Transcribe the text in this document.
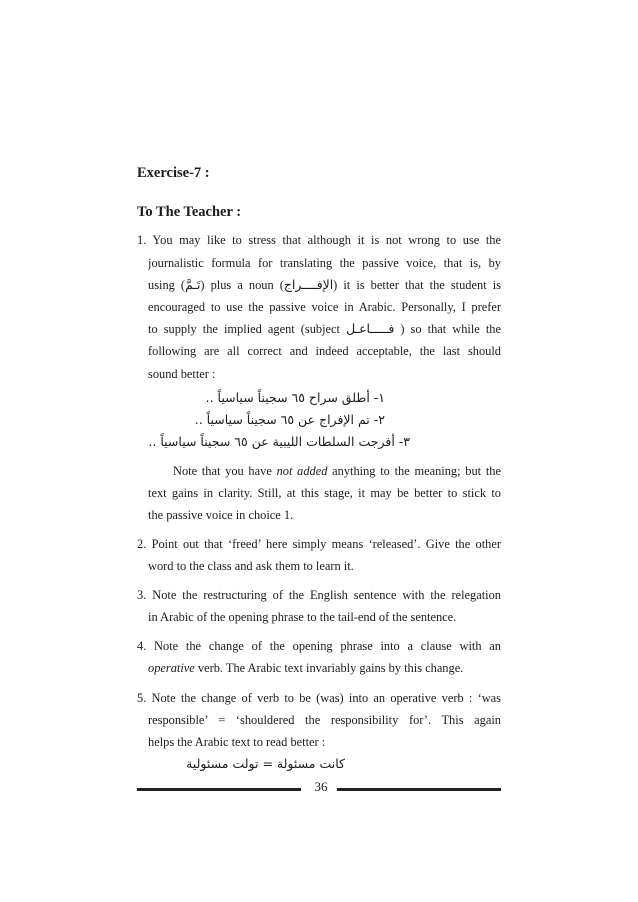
Exercise-7 :
To The Teacher :
1. You may like to stress that although it is not wrong to use the
journalistic formula for translating the passive voice, that is, by
using (تَـمَّ) plus a noun (الإفــــراج) it is better that the student is
encouraged to use the passive voice in Arabic. Personally, I prefer
to supply the implied agent (subject فـــــاعـل ) so that while the
following are all correct and indeed acceptable, the last should
sound better :
١- أطلق سراح ٦٥ سجيناً سياسياً ..
٢- تم الإفراج عن ٦٥ سجيناً سياسياً ..
٣- أفرجت السلطات الليبية عن ٦٥ سجيناً سياسياً ..
Note that you have not added anything to the meaning; but the
text gains in clarity. Still, at this stage, it may be better to stick to
the passive voice in choice 1.
2. Point out that ‘freed’ here simply means ‘released’. Give the other
word to the class and ask them to learn it.
3. Note the restructuring of the English sentence with the relegation
in Arabic of the opening phrase to the tail-end of the sentence.
4. Note the change of the opening phrase into a clause with an
operative verb. The Arabic text invariably gains by this change.
5. Note the change of verb to be (was) into an operative verb : ‘was
responsible’ = ‘shouldered the responsibility for’. This again
helps the Arabic text to read better :
كانت مسئولة = تولت مسئولية
36
